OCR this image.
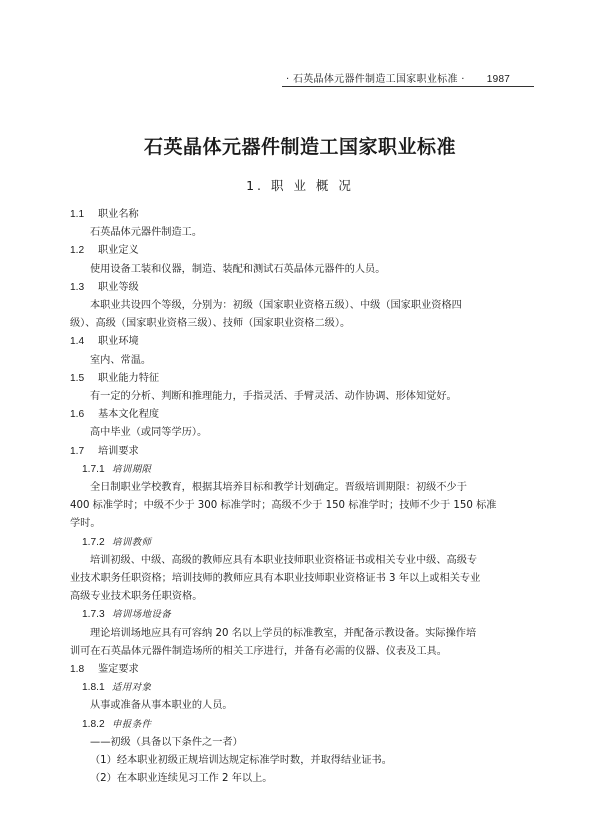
· 石英晶体元器件制造工国家职业标准 · 1987
石英晶体元器件制造工国家职业标准
1. 职 业 概 况
1.1 职业名称
石英晶体元器件制造工。
1.2 职业定义
使用设备工装和仪器，制造、装配和测试石英晶体元器件的人员。
1.3 职业等级
本职业共设四个等级，分别为：初级（国家职业资格五级）、中级（国家职业资格四
级）、高级（国家职业资格三级）、技师（国家职业资格二级）。
1.4 职业环境
室内、常温。
1.5 职业能力特征
有一定的分析、判断和推理能力，手指灵活、手臂灵活、动作协调、形体知觉好。
1.6 基本文化程度
高中毕业（或同等学历）。
1.7 培训要求
1.7.1 培训期限
全日制职业学校教育，根据其培养目标和教学计划确定。晋级培训期限：初级不少于
400 标准学时；中级不少于 300 标准学时；高级不少于 150 标准学时；技师不少于 150 标准
学时。
1.7.2 培训教师
培训初级、中级、高级的教师应具有本职业技师职业资格证书或相关专业中级、高级专
业技术职务任职资格；培训技师的教师应具有本职业技师职业资格证书 3 年以上或相关专业
高级专业技术职务任职资格。
1.7.3 培训场地设备
理论培训场地应具有可容纳 20 名以上学员的标准教室，并配备示教设备。实际操作培
训可在石英晶体元器件制造场所的相关工序进行，并备有必需的仪器、仪表及工具。
1.8 鉴定要求
1.8.1 适用对象
从事或准备从事本职业的人员。
1.8.2 申报条件
——初级（具备以下条件之一者）
（1）经本职业初级正规培训达规定标准学时数，并取得结业证书。
（2）在本职业连续见习工作 2 年以上。
